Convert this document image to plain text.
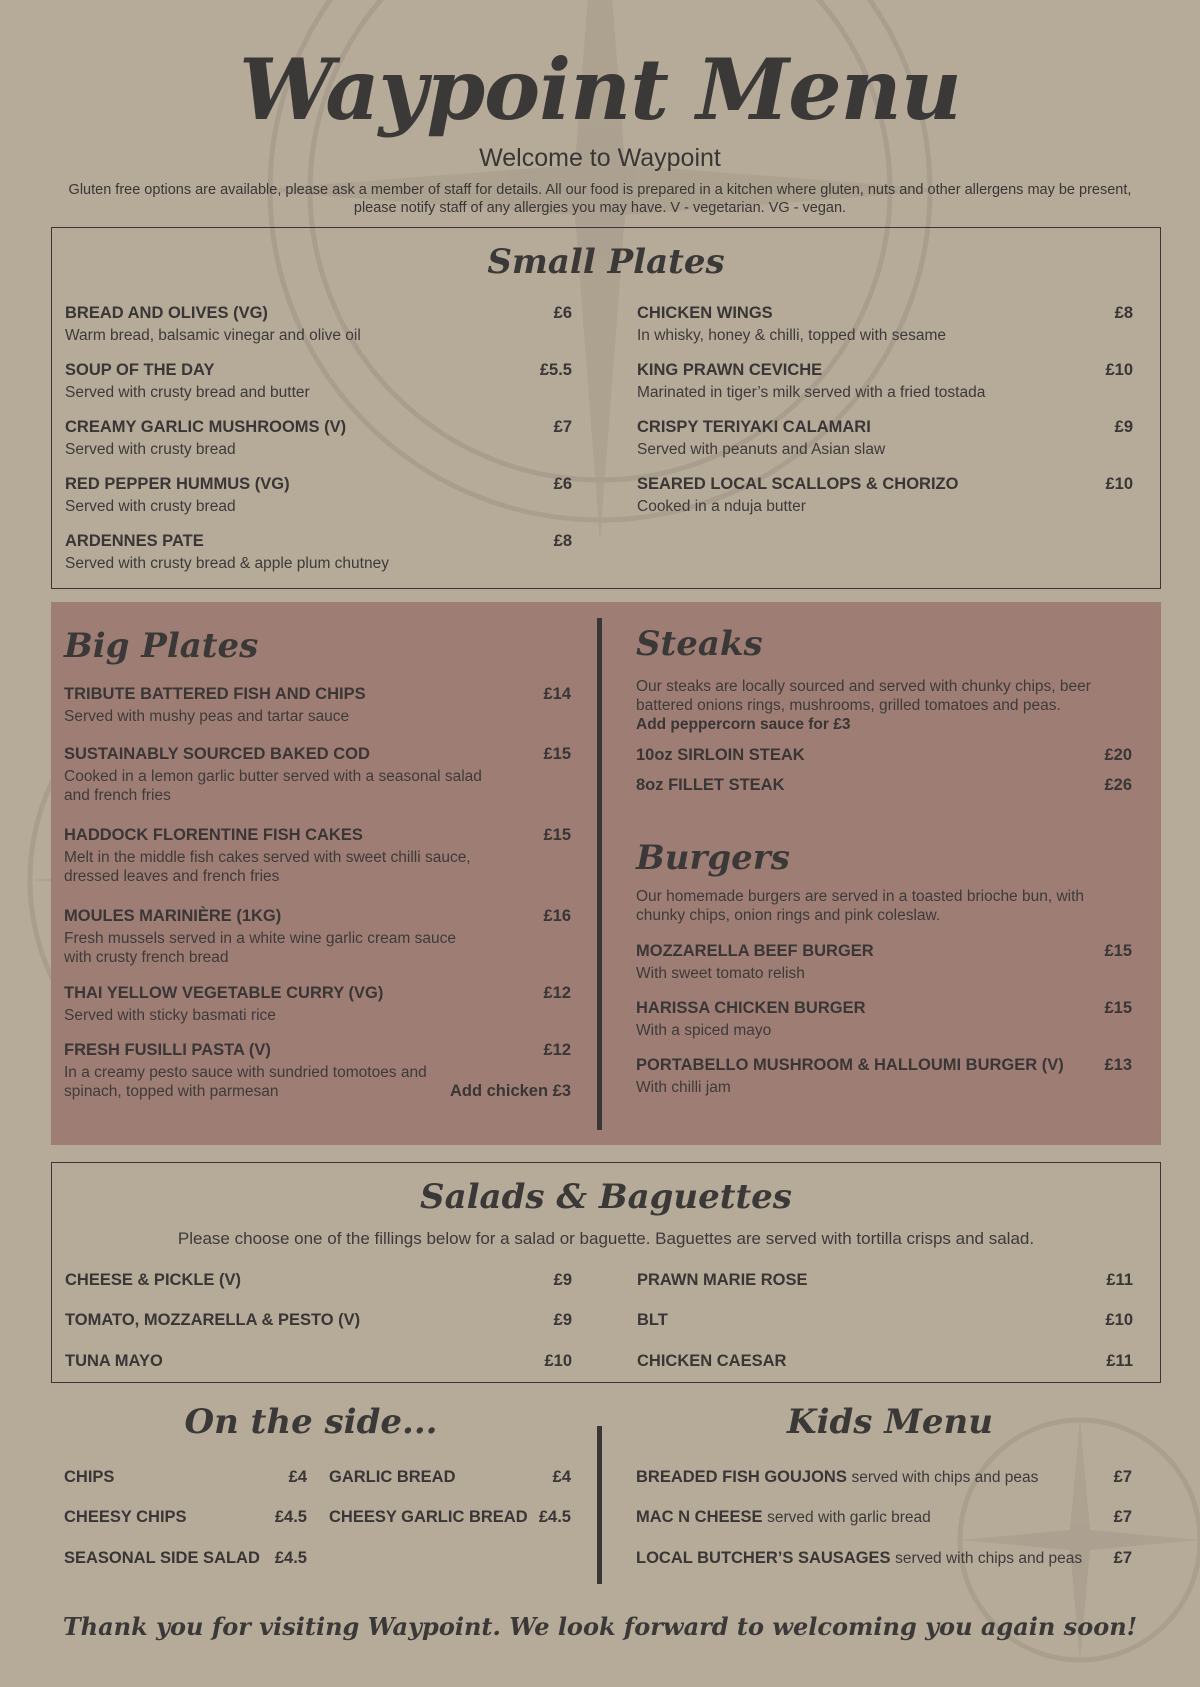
Waypoint Menu
Welcome to Waypoint
Gluten free options are available, please ask a member of staff for details. All our food is prepared in a kitchen where gluten, nuts and other allergens may be present, please notify staff of any allergies you may have. V - vegetarian. VG - vegan.
Small Plates
BREAD AND OLIVES (VG)
Warm bread, balsamic vinegar and olive oil
£6
SOUP OF THE DAY
Served with crusty bread and butter
£5.5
CREAMY GARLIC MUSHROOMS (V)
Served with crusty bread
£7
RED PEPPER HUMMUS (VG)
Served with crusty bread
£6
ARDENNES PATE
Served with crusty bread & apple plum chutney
£8
CHICKEN WINGS
In whisky, honey & chilli, topped with sesame
£8
KING PRAWN CEVICHE
Marinated in tiger’s milk served with a fried tostada
£10
CRISPY TERIYAKI CALAMARI
Served with peanuts and Asian slaw
£9
SEARED LOCAL SCALLOPS & CHORIZO
Cooked in a nduja butter
£10
Big Plates
TRIBUTE BATTERED FISH AND CHIPS
Served with mushy peas and tartar sauce
£14
SUSTAINABLY SOURCED BAKED COD
Cooked in a lemon garlic butter served with a seasonal salad and french fries
£15
HADDOCK FLORENTINE FISH CAKES
Melt in the middle fish cakes served with sweet chilli sauce, dressed leaves and french fries
£15
MOULES MARINIÈRE (1KG)
Fresh mussels served in a white wine garlic cream sauce with crusty french bread
£16
THAI YELLOW VEGETABLE CURRY (VG)
Served with sticky basmati rice
£12
FRESH FUSILLI PASTA (V)
In a creamy pesto sauce with sundried tomotoes and spinach, topped with parmesan
£12
Add chicken £3
Steaks
Our steaks are locally sourced and served with chunky chips, beer battered onions rings, mushrooms, grilled tomatoes and peas.
Add peppercorn sauce for £3
10oz SIRLOIN STEAK	£20
8oz FILLET STEAK	£26
Burgers
Our homemade burgers are served in a toasted brioche bun, with chunky chips, onion rings and pink coleslaw.
MOZZARELLA BEEF BURGER
With sweet tomato relish
£15
HARISSA CHICKEN BURGER
With a spiced mayo
£15
PORTABELLO MUSHROOM & HALLOUMI BURGER (V)
With chilli jam
£13
Salads & Baguettes
Please choose one of the fillings below for a salad or baguette. Baguettes are served with tortilla crisps and salad.
CHEESE & PICKLE (V)	£9
TOMATO, MOZZARELLA & PESTO (V)	£9
TUNA MAYO	£10
PRAWN MARIE ROSE	£11
BLT	£10
CHICKEN CAESAR	£11
On the side...
CHIPS	£4
CHEESY CHIPS	£4.5
SEASONAL SIDE SALAD £4.5
GARLIC BREAD	£4
CHEESY GARLIC BREAD £4.5
Kids Menu
BREADED FISH GOUJONS served with chips and peas	£7
MAC N CHEESE served with garlic bread	£7
LOCAL BUTCHER’S SAUSAGES served with chips and peas £7
Thank you for visiting Waypoint. We look forward to welcoming you again soon!
